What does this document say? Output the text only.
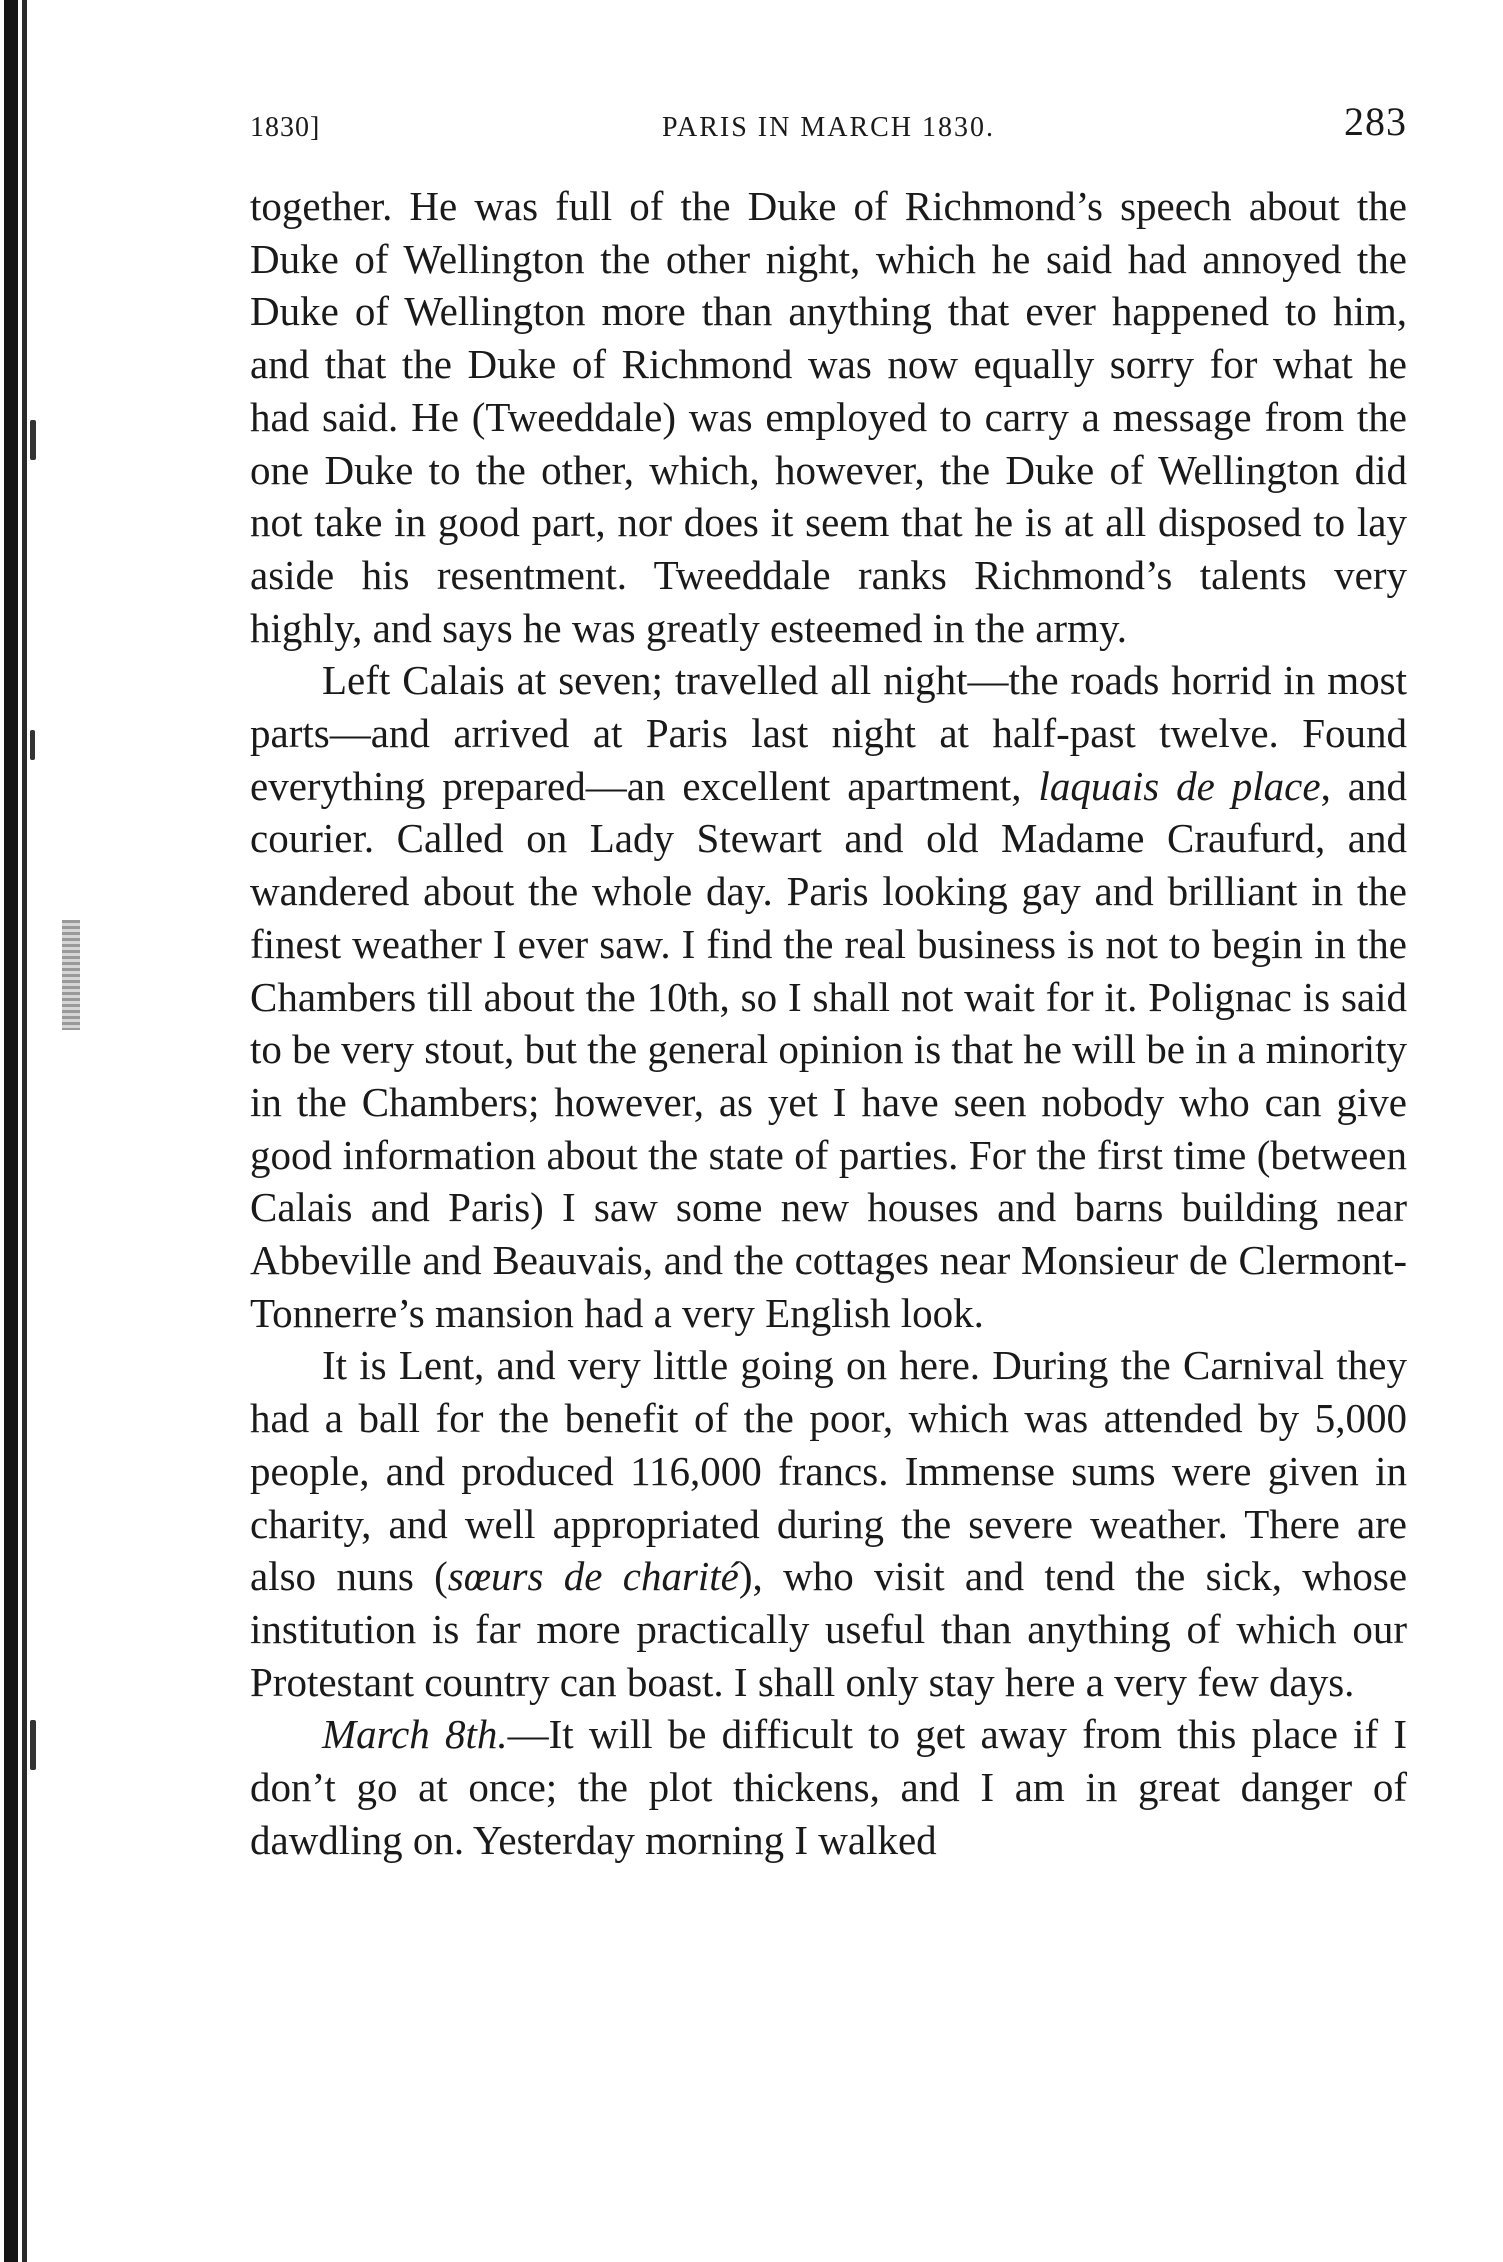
1830]	PARIS IN MARCH 1830.	283

together. He was full of the Duke of Richmond’s speech about the Duke of Wellington the other night, which he said had annoyed the Duke of Wellington more than anything that ever happened to him, and that the Duke of Richmond was now equally sorry for what he had said. He (Tweeddale) was employed to carry a message from the one Duke to the other, which, however, the Duke of Wellington did not take in good part, nor does it seem that he is at all disposed to lay aside his resentment. Tweeddale ranks Richmond’s talents very highly, and says he was greatly esteemed in the army.

Left Calais at seven; travelled all night—the roads horrid in most parts—and arrived at Paris last night at half-past twelve. Found everything prepared—an excellent apartment, laquais de place, and courier. Called on Lady Stewart and old Madame Craufurd, and wandered about the whole day. Paris looking gay and brilliant in the finest weather I ever saw. I find the real business is not to begin in the Chambers till about the 10th, so I shall not wait for it. Polignac is said to be very stout, but the general opinion is that he will be in a minority in the Chambers; however, as yet I have seen nobody who can give good information about the state of parties. For the first time (between Calais and Paris) I saw some new houses and barns building near Abbeville and Beauvais, and the cottages near Monsieur de Clermont-Tonnerre’s mansion had a very English look.

It is Lent, and very little going on here. During the Carnival they had a ball for the benefit of the poor, which was attended by 5,000 people, and produced 116,000 francs. Immense sums were given in charity, and well appropriated during the severe weather. There are also nuns (sœurs de charité), who visit and tend the sick, whose institution is far more practically useful than anything of which our Protestant country can boast. I shall only stay here a very few days.

March 8th.—It will be difficult to get away from this place if I don’t go at once; the plot thickens, and I am in great danger of dawdling on. Yesterday morning I walked
